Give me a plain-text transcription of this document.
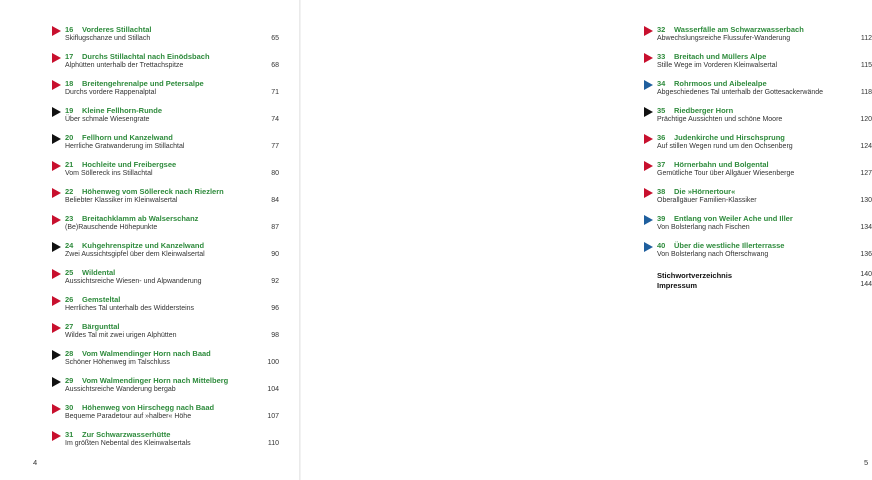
16 Vorderes Stillachtal
Skiflugschanze und Stillach	65
17 Durchs Stillachtal nach Einödsbach
Alphütten unterhalb der Trettachspitze	68
18 Breitengehrenalpe und Petersalpe
Durchs vordere Rappenalptal	71
19 Kleine Fellhorn-Runde
Über schmale Wiesengrate	74
20 Fellhorn und Kanzelwand
Herrliche Gratwanderung im Stillachtal	77
21 Hochleite und Freibergsee
Vom Söllereck ins Stillachtal	80
22 Höhenweg vom Söllereck nach Riezlern
Beliebter Klassiker im Kleinwalsertal	84
23 Breitachklamm ab Walserschanz
(Be)Rauschende Höhepunkte	87
24 Kuhgehrenspitze und Kanzelwand
Zwei Aussichtsgipfel über dem Kleinwalsertal	90
25 Wildental
Aussichtsreiche Wiesen- und Alpwanderung	92
26 Gemsteltal
Herrliches Tal unterhalb des Widdersteins	96
27 Bärgunttal
Wildes Tal mit zwei urigen Alphütten	98
28 Vom Walmendinger Horn nach Baad
Schöner Höhenweg im Talschluss	100
29 Vom Walmendinger Horn nach Mittelberg
Aussichtsreiche Wanderung bergab	104
30 Höhenweg von Hirschegg nach Baad
Bequeme Paradetour auf »halber« Höhe	107
31 Zur Schwarzwasserhütte
Im größten Nebental des Kleinwalsertals	110
4
32 Wasserfälle am Schwarzwasserbach
Abwechslungsreiche Flussufer-Wanderung	112
33 Breitach und Müllers Alpe
Stille Wege im Vorderen Kleinwalsertal	115
34 Rohrmoos und Aibelealpe
Abgeschiedenes Tal unterhalb der Gottesackerwände	118
35 Riedberger Horn
Prächtige Aussichten und schöne Moore	120
36 Judenkirche und Hirschsprung
Auf stillen Wegen rund um den Ochsenberg	124
37 Hörnerbahn und Bolgental
Gemütliche Tour über Allgäuer Wiesenberge	127
38 Die »Hörnertour«
Oberallgäuer Familien-Klassiker	130
39 Entlang von Weiler Ache und Iller
Von Bolsterlang nach Fischen	134
40 Über die westliche Illerterrasse
Von Bolsterlang nach Ofterschwang	136
Stichwortverzeichnis	140
Impressum	144
5
